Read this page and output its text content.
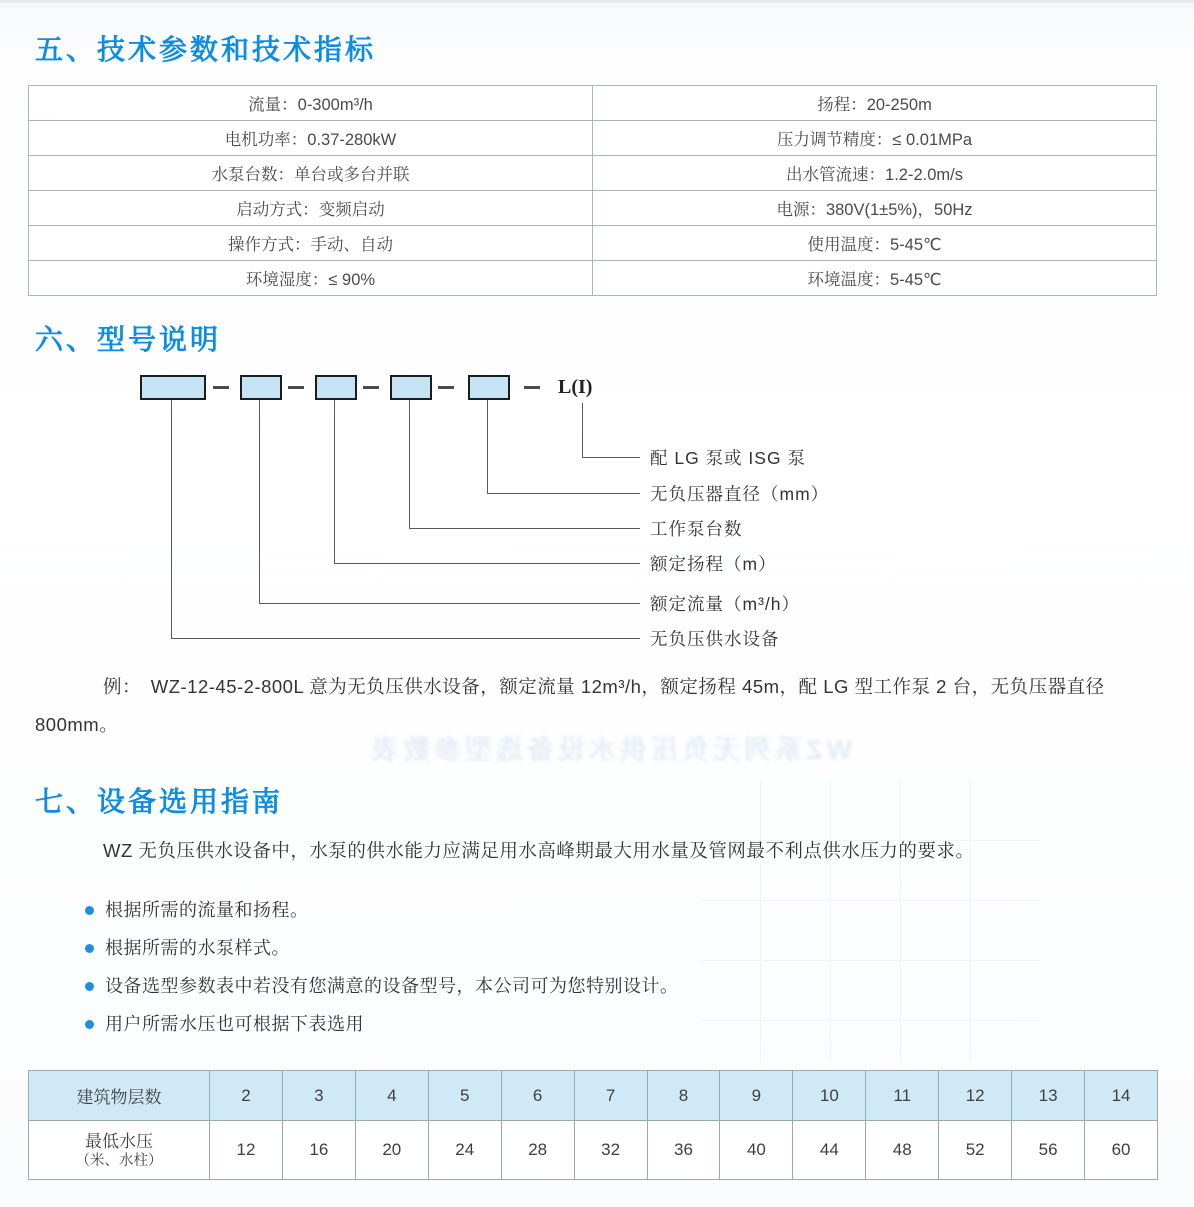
五、技术参数和技术指标
流量：0-300m³/h	扬程：20-250m
电机功率：0.37-280kW	压力调节精度：≤ 0.01MPa
水泵台数：单台或多台并联	出水管流速：1.2-2.0m/s
启动方式：变频启动	电源：380V(1±5%)，50Hz
操作方式：手动、自动	使用温度：5-45℃
环境湿度：≤ 90%	环境温度：5-45℃
六、型号说明
L(I)
配 LG 泵或 ISG 泵
无负压器直径（mm）
工作泵台数
额定扬程（m）
额定流量（m³/h）
无负压供水设备

例：　WZ-12-45-2-800L 意为无负压供水设备，额定流量 12m³/h，额定扬程 45m，配 LG 型工作泵 2 台，无负压器直径 800mm。

WZ系列无负压供水设备选型参数表
七、设备选用指南

WZ 无负压供水设备中，水泵的供水能力应满足用水高峰期最大用水量及管网最不利点供水压力的要求。

根据所需的流量和扬程。
根据所需的水泵样式。
设备选型参数表中若没有您满意的设备型号，本公司可为您特别设计。
用户所需水压也可根据下表选用
建筑物层数	2	3	4	5	6	7	8	9	10	11	12	13	14

最低水压
（米、水柱）	12	16	20	24	28	32	36	40	44	48	52	56	60
